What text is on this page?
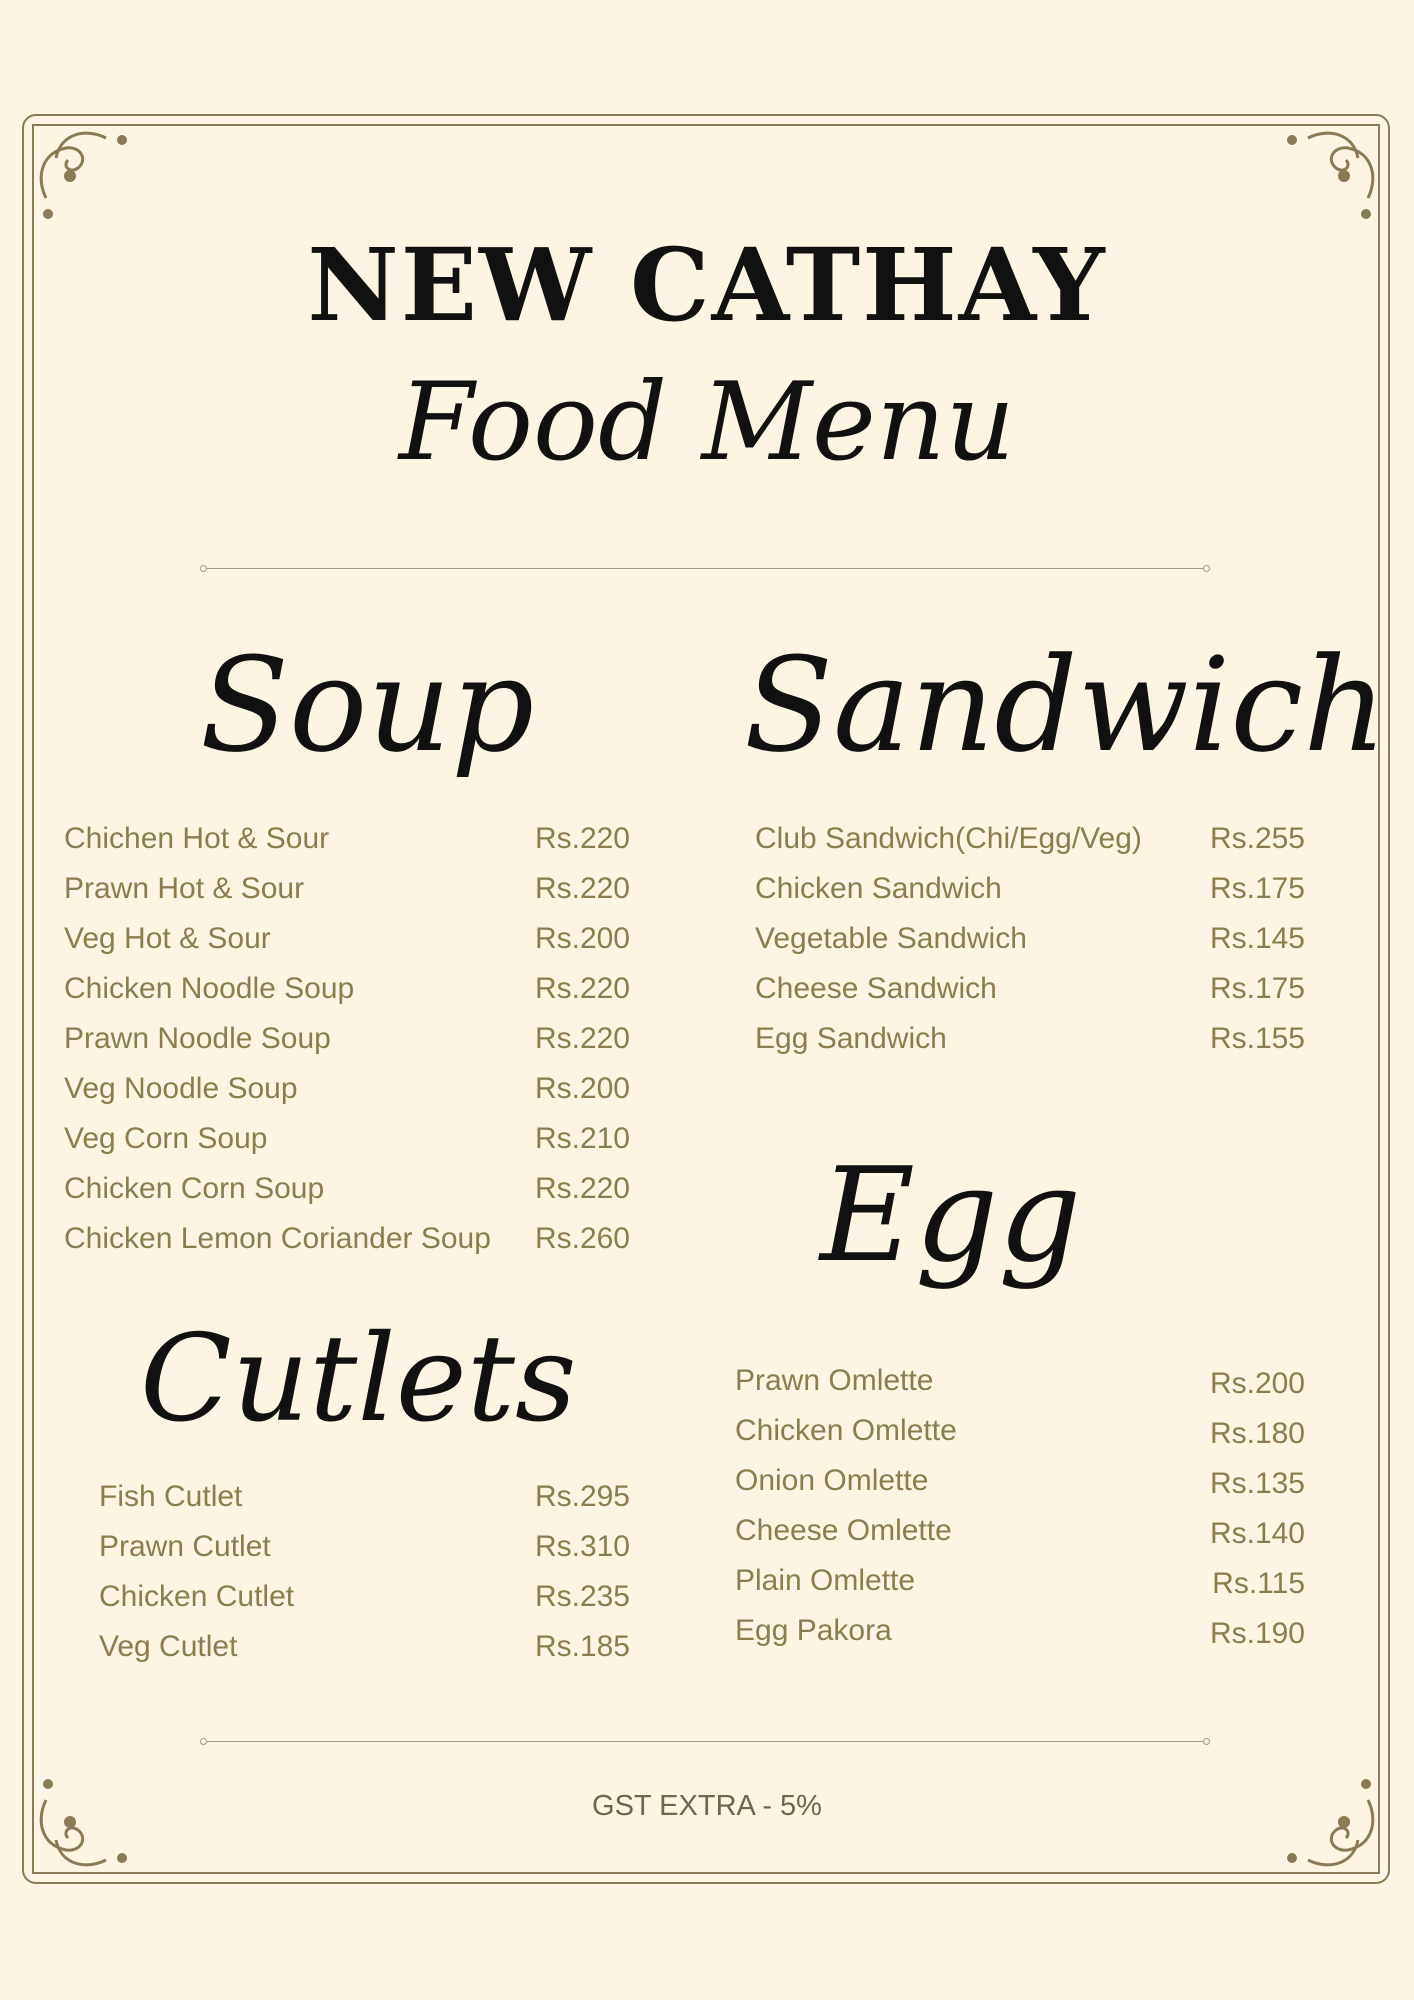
NEW CATHAY
Food Menu
Soup Sandwich
Egg
Cutlets
Chichen Hot & Sour	Rs.220
Prawn Hot & Sour	Rs.220
Veg Hot & Sour	Rs.200
Chicken Noodle Soup	Rs.220
Prawn Noodle Soup	Rs.220
Veg Noodle Soup	Rs.200
Veg Corn Soup	Rs.210
Chicken Corn Soup	Rs.220
Chicken Lemon Coriander Soup Rs.260
Club Sandwich(Chi/Egg/Veg) Rs.255
Chicken Sandwich	Rs.175
Vegetable Sandwich	Rs.145
Cheese Sandwich	Rs.175
Egg Sandwich	Rs.155
Prawn Omlette	Rs.200
Chicken Omlette	Rs.180
Onion Omlette	Rs.135
Cheese Omlette	Rs.140
Plain Omlette	Rs.115
Egg Pakora	Rs.190
Fish Cutlet	Rs.295
Prawn Cutlet	Rs.310
Chicken Cutlet	Rs.235
Veg Cutlet	Rs.185
GST EXTRA - 5%
